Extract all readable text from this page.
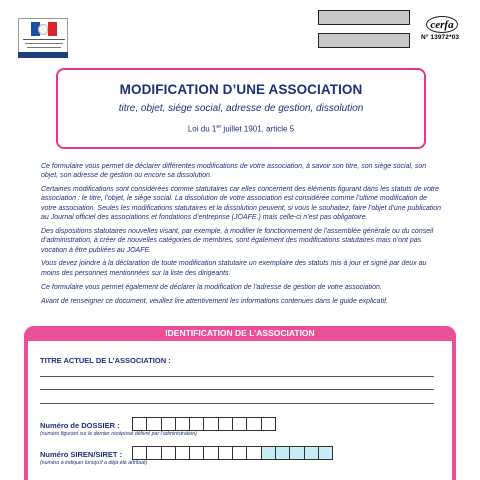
cerfa
N° 13972*03
MODIFICATION D’UNE ASSOCIATION
titre, objet, siége social, adresse de gestion, dissolution
Loi du 1er juillet 1901, article 5

Ce formulaire vous permet de déclarer différentes modifications de votre association, à savoir son titre, son siège social, son objet, son adresse de gestion ou encore sa dissolution.

Certaines modifications sont considérées comme statutaires car elles concernent des éléments figurant dans les statuts de votre association : le titre, l’objet, le siège social. La dissolution de votre association est considérée comme l’ultime modification de votre association. Seules les modifications statutaires et la dissolution peuvent, si vous le souhaitez, faire l’objet d’une publication au Journal officiel des associations et fondations d’entreprise (JOAFE.) mais celle-ci n’est pas obligatoire.

Des dispositions statutaires nouvelles visant, par exemple, à modifier le fonctionnement de l’assemblée générale ou du conseil d’administration, à créer de nouvelles catégories de membres, sont également des modifications statutaires mais n’ont pas vocation à être publiées au JOAFE.

Vous devez joindre à la déclaration de toute modification statutaire un exemplaire des statuts mis à jour et signé par deux au moins des personnes mentionnées sur la liste des dirigeants.

Ce formulaire vous permet également de déclarer la modification de l’adresse de gestion de votre association.

Avant de renseigner ce document, veuillez lire attentivement les informations contenues dans le guide explicatif.

IDENTIFICATION DE L’ASSOCIATION
TITRE ACTUEL DE L’ASSOCIATION :
Numéro de DOSSIER :
(numéro figurant sur le dernier récépissé délivré par l’administration)
Numéro SIREN/SIRET :
(numéro à indiquer lorsqu’il a déjà été attribué)
